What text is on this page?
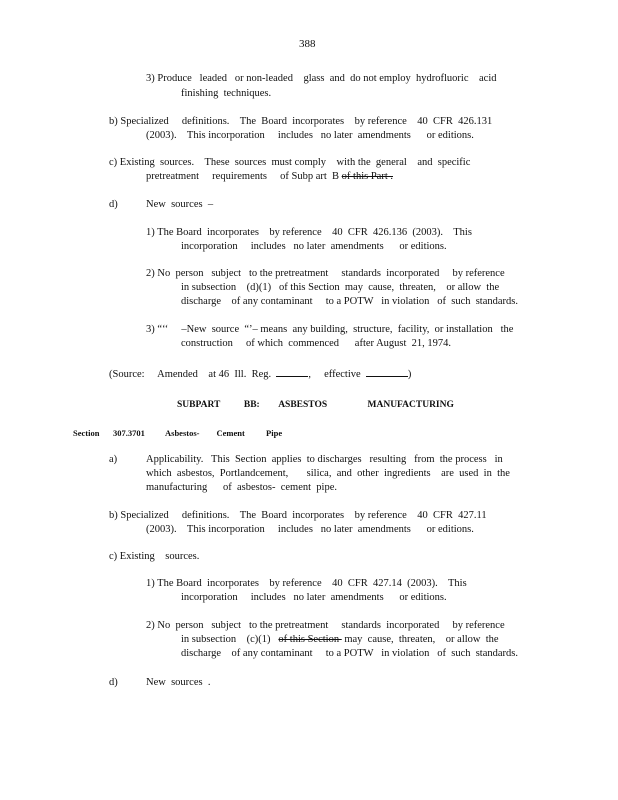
388
3) Produce   leaded   or non-leaded    glass  and  do not employ  hydrofluoric    acid
finishing  techniques.
b) Specialized     definitions.    The  Board  incorporates    by reference    40  CFR  426.131
(2003).    This incorporation     includes   no later  amendments      or editions.
c) Existing  sources.    These  sources  must comply    with the  general    and  specific
pretreatment     requirements     of Subp art  B of this Part .
d)	New  sources  –
1) The Board  incorporates    by reference    40  CFR  426.136  (2003).    This
incorporation     includes   no later  amendments      or editions.
2) No  person   subject   to the pretreatment     standards  incorporated     by reference
in subsection    (d)(1)   of this Section  may  cause,  threaten,    or allow  the
discharge    of any contaminant     to a POTW   in violation   of  such  standards.
3) “‘‘     –New  source  “’– means  any building,  structure,  facility,  or installation   the
construction     of which  commenced      after August  21, 1974.
(Source:     Amended    at 46  Ill.  Reg.	,     effective	)
SUBPART          BB:        ASBESTOS                 MANUFACTURING
Section 307.3701 Asbestos-        Cement          Pipe
a)	Applicability.   This  Section  applies  to discharges   resulting   from  the process   in
which  asbestos,  Portlandcement,       silica,  and  other  ingredients    are  used  in  the
manufacturing      of  asbestos-  cement  pipe.
b) Specialized     definitions.    The  Board  incorporates    by reference    40  CFR  427.11
(2003).    This incorporation     includes   no later  amendments      or editions.
c) Existing    sources.
1) The Board  incorporates    by reference    40  CFR  427.14  (2003).    This
incorporation     includes   no later  amendments      or editions.
2) No  person   subject   to the pretreatment     standards  incorporated     by reference
in subsection    (c)(1)   of this Section  may  cause,  threaten,    or allow  the
discharge    of any contaminant     to a POTW   in violation   of  such  standards.
d)	New  sources  .
